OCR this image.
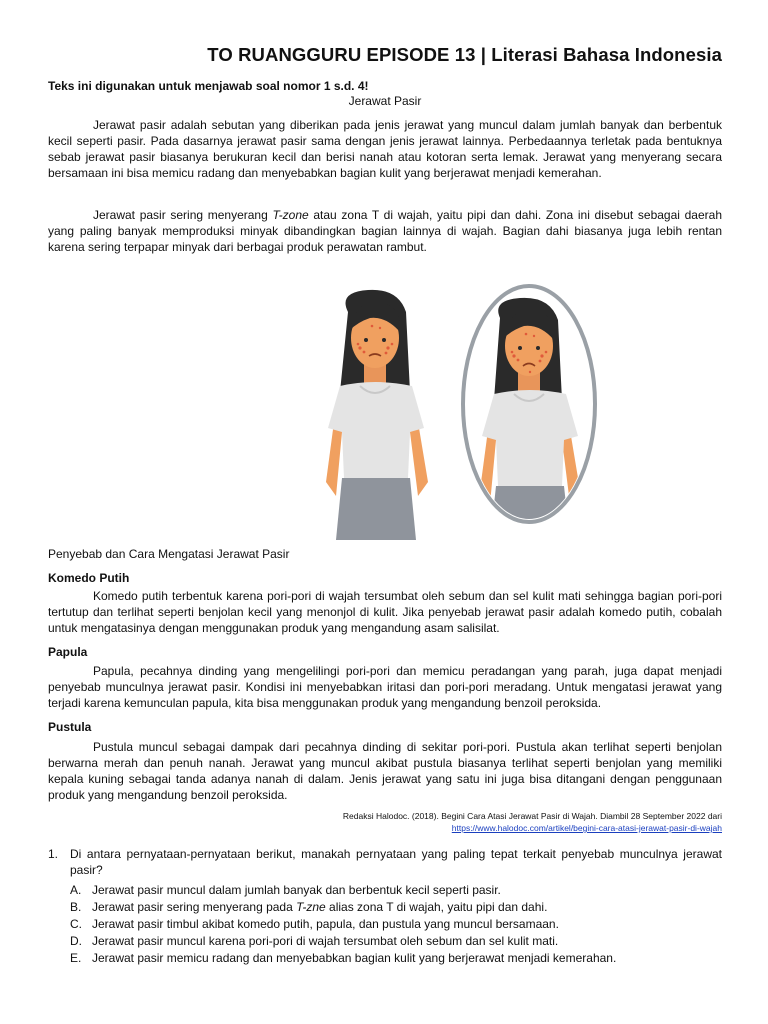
TO RUANGGURU EPISODE 13 | Literasi Bahasa Indonesia
Teks ini digunakan untuk menjawab soal nomor 1 s.d. 4!
Jerawat Pasir

Jerawat pasir adalah sebutan yang diberikan pada jenis jerawat yang muncul dalam jumlah banyak dan berbentuk kecil seperti pasir. Pada dasarnya jerawat pasir sama dengan jenis jerawat lainnya. Perbedaannya terletak pada bentuknya sebab jerawat pasir biasanya berukuran kecil dan berisi nanah atau kotoran serta lemak. Jerawat yang menyerang secara bersamaan ini bisa memicu radang dan menyebabkan bagian kulit yang berjerawat menjadi kemerahan.

Jerawat pasir sering menyerang T-zone atau zona T di wajah, yaitu pipi dan dahi. Zona ini disebut sebagai daerah yang paling banyak memproduksi minyak dibandingkan bagian lainnya di wajah. Bagian dahi biasanya juga lebih rentan karena sering terpapar minyak dari berbagai produk perawatan rambut.

Penyebab dan Cara Mengatasi Jerawat Pasir
Komedo Putih

Komedo putih terbentuk karena pori-pori di wajah tersumbat oleh sebum dan sel kulit mati sehingga bagian pori-pori tertutup dan terlihat seperti benjolan kecil yang menonjol di kulit. Jika penyebab jerawat pasir adalah komedo putih, cobalah untuk mengatasinya dengan menggunakan produk yang mengandung asam salisilat.

Papula

Papula, pecahnya dinding yang mengelilingi pori-pori dan memicu peradangan yang parah, juga dapat menjadi penyebab munculnya jerawat pasir. Kondisi ini menyebabkan iritasi dan pori-pori meradang. Untuk mengatasi jerawat yang terjadi karena kemunculan papula, kita bisa menggunakan produk yang mengandung benzoil peroksida.

Pustula

Pustula muncul sebagai dampak dari pecahnya dinding di sekitar pori-pori. Pustula akan terlihat seperti benjolan berwarna merah dan penuh nanah. Jerawat yang muncul akibat pustula biasanya terlihat seperti benjolan yang memiliki kepala kuning sebagai tanda adanya nanah di dalam. Jenis jerawat yang satu ini juga bisa ditangani dengan penggunaan produk yang mengandung benzoil peroksida.

Redaksi Halodoc. (2018). Begini Cara Atasi Jerawat Pasir di Wajah. Diambil 28 September 2022 dari
https://www.halodoc.com/artikel/begini-cara-atasi-jerawat-pasir-di-wajah
1. Di antara pernyataan-pernyataan berikut, manakah pernyataan yang paling tepat terkait penyebab munculnya jerawat pasir?
A. Jerawat pasir muncul dalam jumlah banyak dan berbentuk kecil seperti pasir.
B. Jerawat pasir sering menyerang pada T-zne alias zona T di wajah, yaitu pipi dan dahi.
C. Jerawat pasir timbul akibat komedo putih, papula, dan pustula yang muncul bersamaan.
D. Jerawat pasir muncul karena pori-pori di wajah tersumbat oleh sebum dan sel kulit mati.
E. Jerawat pasir memicu radang dan menyebabkan bagian kulit yang berjerawat menjadi kemerahan.
